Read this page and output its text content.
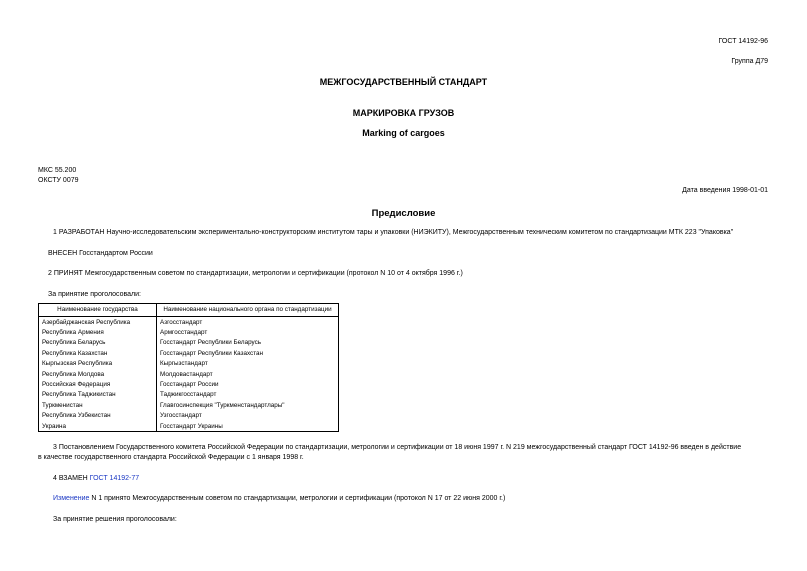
ГОСТ 14192-96
Группа Д79
МЕЖГОСУДАРСТВЕННЫЙ СТАНДАРТ
МАРКИРОВКА ГРУЗОВ
Marking of cargoes
МКС 55.200
ОКСТУ 0079
Дата введения 1998-01-01
Предисловие
1 РАЗРАБОТАН Научно-исследовательским экспериментально-конструкторским институтом тары и упаковки (НИЭКИТУ), Межгосударственным техническим комитетом по стандартизации МТК 223 "Упаковка"
ВНЕСЕН Госстандартом России
2 ПРИНЯТ Межгосударственным советом по стандартизации, метрологии и сертификации (протокол N 10 от 4 октября 1996 г.)
За принятие проголосовали:
Наименование государства	Наименование национального органа по стандартизации
Азербайджанская Республика	Азгосстандарт
Республика Армения	Армгосстандарт
Республика Беларусь	Госстандарт Республики Беларусь
Республика Казахстан	Госстандарт Республики Казахстан
Кыргызская Республика	Кыргызстандарт
Республика Молдова	Молдовастандарт
Российская Федерация	Госстандарт России
Республика Таджикистан	Таджикгосстандарт
Туркменистан	Главгосинспекция "Туркменстандартлары"
Республика Узбекистан	Узгосстандарт
Украина	Госстандарт Украины
3 Постановлением Государственного комитета Российской Федерации по стандартизации, метрологии и сертификации от 18 июня 1997 г. N 219 межгосударственный стандарт ГОСТ 14192-96 введен в действие
в качестве государственного стандарта Российской Федерации с 1 января 1998 г.
4 ВЗАМЕН ГОСТ 14192-77
Изменение N 1 принято Межгосударственным советом по стандартизации, метрологии и сертификации (протокол N 17 от 22 июня 2000 г.)
За принятие решения проголосовали:
